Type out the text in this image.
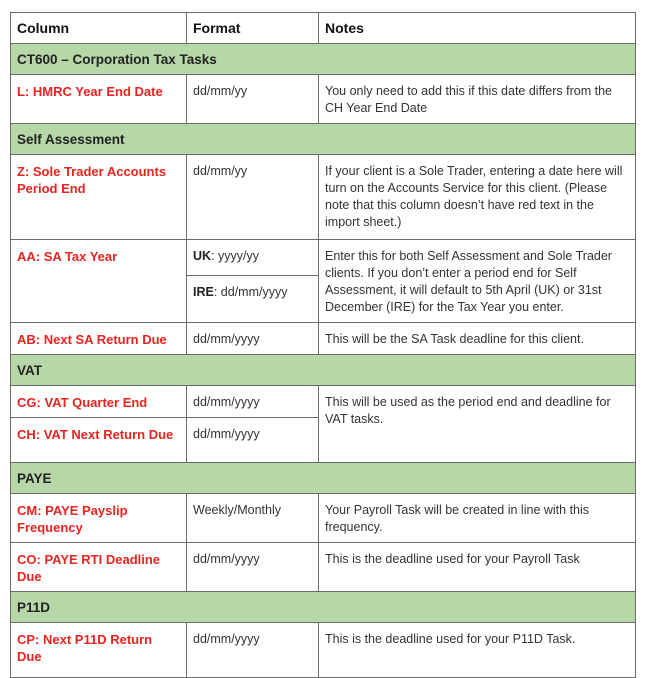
Column	Format	Notes
CT600 – Corporation Tax Tasks		
L: HMRC Year End Date	dd/mm/yy	You only need to add this if this date differs from the CH Year End Date
Self Assessment		
Z: Sole Trader Accounts Period End	dd/mm/yy	If your client is a Sole Trader, entering a date here will turn on the Accounts Service for this client. (Please note that this column doesn’t have red text in the import sheet.)
AA: SA Tax Year	UK: yyyy/yy	Enter this for both Self Assessment and Sole Trader clients. If you don’t enter a period end for Self Assessment, it will default to 5th April (UK) or 31st December (IRE) for the Tax Year you enter.
	IRE: dd/mm/yyyy	
AB: Next SA Return Due	dd/mm/yyyy	This will be the SA Task deadline for this client.
VAT		
CG: VAT Quarter End	dd/mm/yyyy	This will be used as the period end and deadline for VAT tasks.
CH: VAT Next Return Due	dd/mm/yyyy	
PAYE		
CM: PAYE Payslip Frequency	Weekly/Monthly	Your Payroll Task will be created in line with this frequency.
CO: PAYE RTI Deadline Due	dd/mm/yyyy	This is the deadline used for your Payroll Task
P11D		
CP: Next P11D Return Due	dd/mm/yyyy	This is the deadline used for your P11D Task.
